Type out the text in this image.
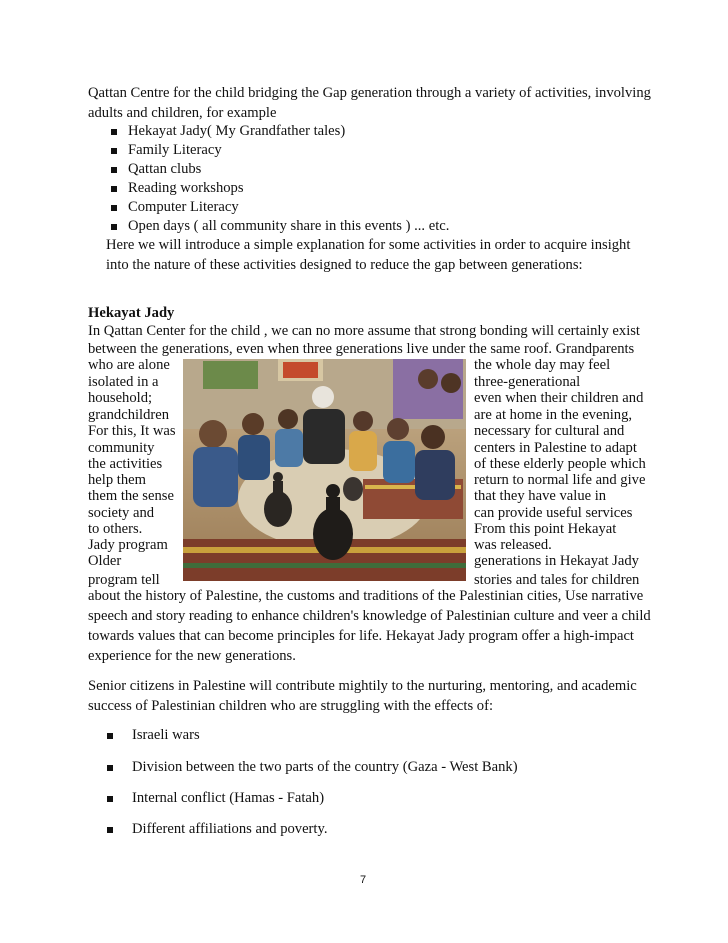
Qattan Centre for the child bridging the Gap generation through a variety of activities, involving
adults and children, for example
Hekayat Jady( My Grandfather tales)
Family Literacy
Qattan clubs
Reading workshops
Computer Literacy
Open days ( all community share in this events ) ... etc.
Here we will introduce a simple explanation for some activities in order to acquire insight
into the nature of these activities designed to reduce the gap between generations:
Hekayat Jady
In Qattan Center for the child , we can no more assume that strong bonding will certainly exist
between the generations, even when three generations live under the same roof. Grandparents
who are alone
isolated in a
household;
grandchildren
For this, It was
community
the activities
help them
them the sense
society and
to others.
Jady program
Older
program tell
the whole day may feel
three-generational
even when their children and
are at home in the evening,
necessary for cultural and
centers in Palestine to adapt
of these elderly people which
return to normal life and give
that they have value in
can provide useful services
From this point Hekayat
was released.
generations in Hekayat Jady
stories and tales for children
about the history of Palestine, the customs and traditions of the Palestinian cities, Use narrative
speech and story reading to enhance children's knowledge of Palestinian culture and veer a child
towards values that can become principles for life. Hekayat Jady program offer a high-impact
experience for the new generations.
Senior citizens in Palestine will contribute mightily to the nurturing, mentoring, and academic
success of Palestinian children who are struggling with the effects of:
Israeli wars
Division between the two parts of the country (Gaza - West Bank)
Internal conflict (Hamas - Fatah)
Different affiliations and poverty.
7
